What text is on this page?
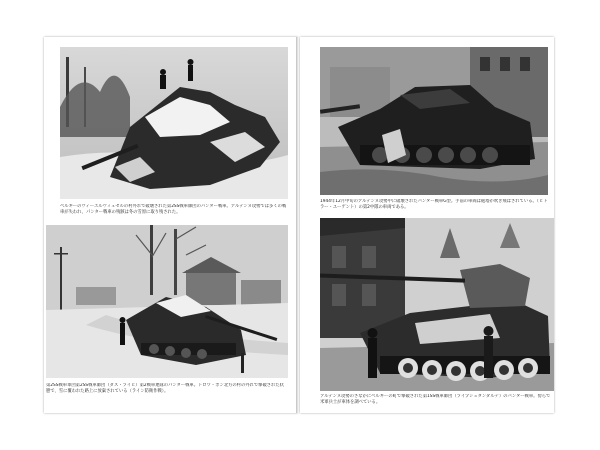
ベルギーのヴィーエルヴィュセルの村外れで破壊された第2SS戦車師団のパンター戦車。アルデンヌ攻勢では多くの戦車が失われ、パンター戦車の残骸は冬の雪原に取り残された。
第2SS戦車軍団第2SS戦車師団（ダス・ライヒ）第2戦車連隊のパンター戦車。トロワ・ポン北方の村の外れで撃破された状態で、雪に覆われた路上に放棄されている（ライン防衛作戦）。
1944年12月中旬のアルデンヌ攻勢中に破壊されたパンター戦車G型。手前の車両は砲塔が吹き飛ばされている。（ヒトラー・ユーゲント）の第2中隊の車両である。
アルデンヌ攻勢のさなかにベルギーの町で撃破された第1SS戦車師団（ライプシュタンダルテ）のパンター戦車。傍らで米軍兵士が車体を調べている。
